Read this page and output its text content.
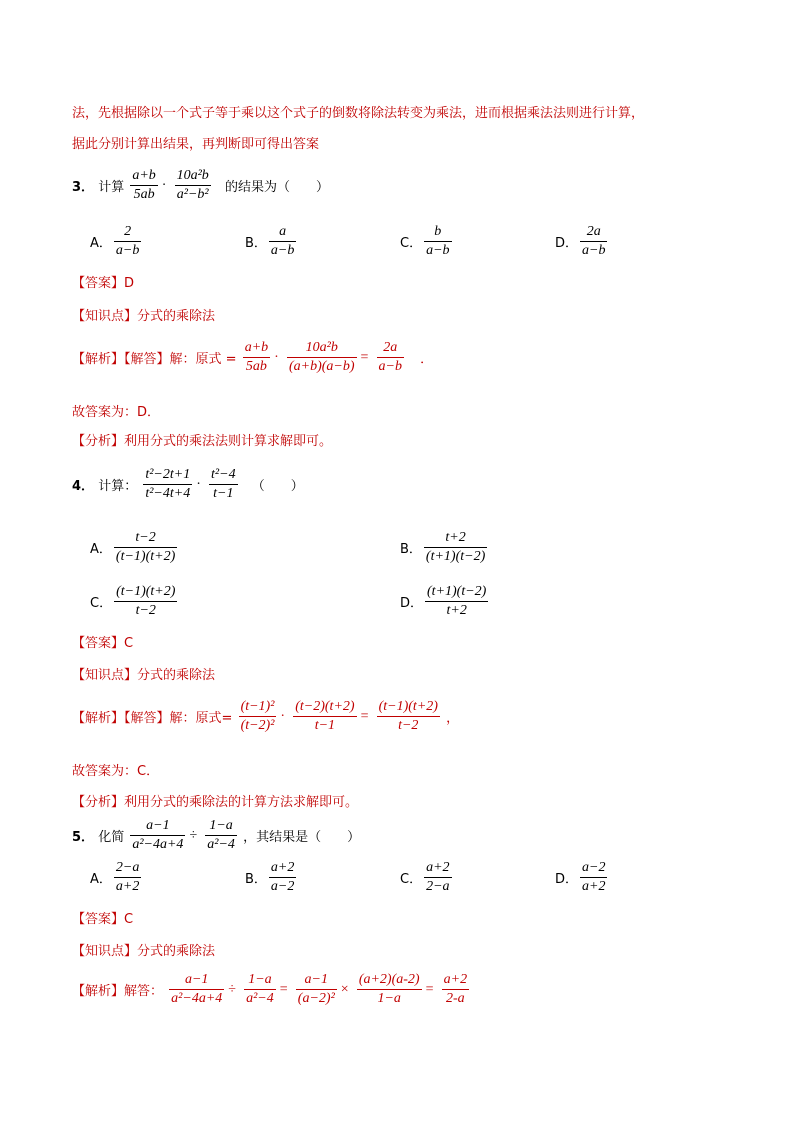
法，先根据除以一个式子等于乘以这个式子的倒数将除法转变为乘法，进而根据乘法法则进行计算，
据此分别计算出结果，再判断即可得出答案
3． 计算 $\frac{a+b}{5ab} \cdot \frac{\text{10a²b}}{\text{a²−b²}}$ 的结果为（　　）
A． $\frac{2}{a-b}$	B． $\frac{a}{a-b}$	C． $\frac{b}{a-b}$	D． $\frac{2a}{a-b}$
【答案】D
【知识点】分式的乘除法
【解析】【解答】解：原式 = $\frac{a+b}{5ab} \cdot \frac{\text{10a²b}}{(a+b)(a-b)} = \frac{2a}{a-b}$ ．
故答案为：D．
【分析】利用分式的乘法法则计算求解即可。
4． 计算： $\frac{\text{t²−2t+1}}{\text{t²−4t+4}} \cdot \frac{\text{t²−4}}{t-1}$ （　　）
A． $\frac{t-2}{(t-1)(t+2)}$	B． $\frac{t+2}{(t+1)(t-2)}$
C． $\frac{(t-1)(t+2)}{t-2}$	D． $\frac{(t+1)(t-2)}{t+2}$
【答案】C
【知识点】分式的乘除法
【解析】【解答】解：原式= $\frac{\text{(t−1)²}}{\text{(t−2)²}} \cdot \frac{(t-2)(t+2)}{t-1} = \frac{(t-1)(t+2)}{t-2}$ ，
故答案为：C．
【分析】利用分式的乘除法的计算方法求解即可。
5． 化简 $\frac{a-1}{\text{a²−4a+4}} \div \frac{1-a}{\text{a²−4}}$ ，其结果是（　　）
A． $\frac{2-a}{a+2}$	B． $\frac{a+2}{a-2}$	C． $\frac{a+2}{2-a}$	D． $\frac{a-2}{a+2}$
【答案】C
【知识点】分式的乘除法
【解析】解答： $\frac{a-1}{\text{a²−4a+4}} \div \frac{1-a}{\text{a²−4}} = \frac{a-1}{\text{(a−2)²}} \times \frac{(a+2)(a-2)}{1-a} = \frac{a+2}{2-a}$
